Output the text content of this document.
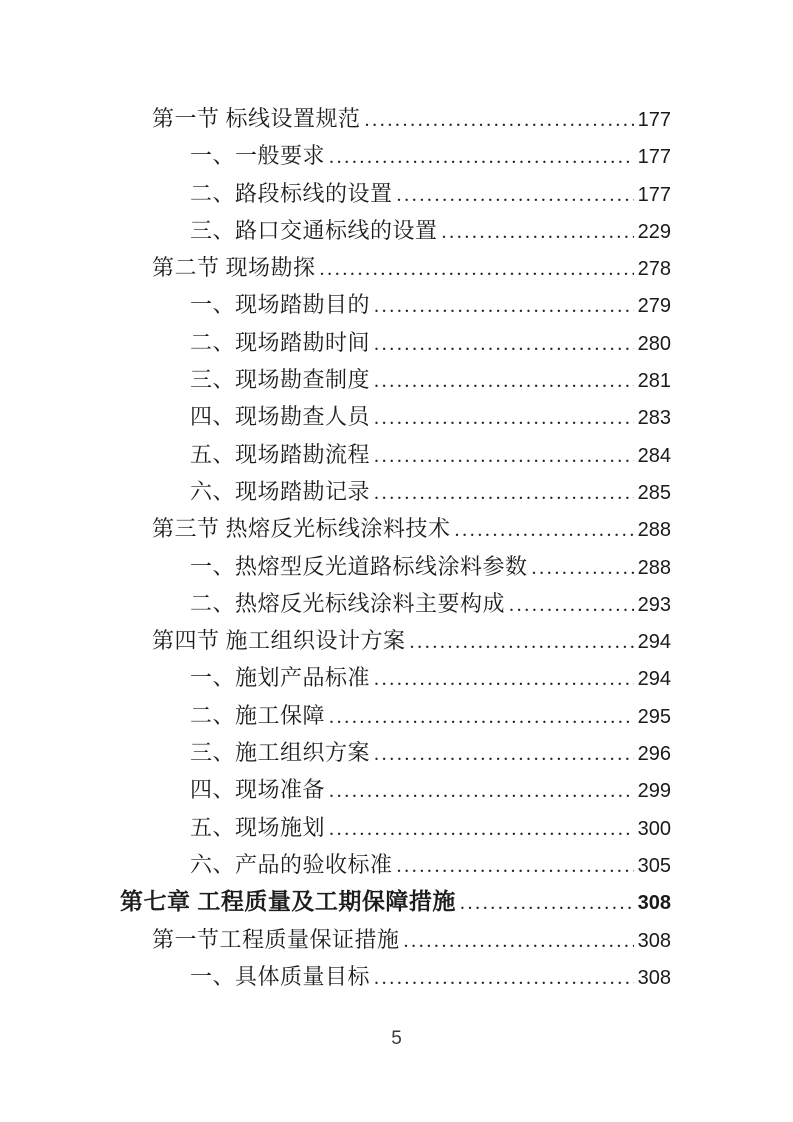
第一节 标线设置规范 .....	177
一、一般要求 .....	177
二、路段标线的设置 .....	177
三、路口交通标线的设置 .....	229
第二节 现场勘探 .....	278
一、现场踏勘目的 .....	279
二、现场踏勘时间 .....	280
三、现场勘查制度 .....	281
四、现场勘查人员 .....	283
五、现场踏勘流程 .....	284
六、现场踏勘记录 .....	285
第三节 热熔反光标线涂料技术 .....	288
一、热熔型反光道路标线涂料参数 .....	288
二、热熔反光标线涂料主要构成 .....	293
第四节 施工组织设计方案 .....	294
一、施划产品标准 .....	294
二、施工保障 .....	295
三、施工组织方案 .....	296
四、现场准备 .....	299
五、现场施划 .....	300
六、产品的验收标准 .....	305
第七章 工程质量及工期保障措施 .....	308
第一节工程质量保证措施 .....	308
一、具体质量目标 .....	308
5
